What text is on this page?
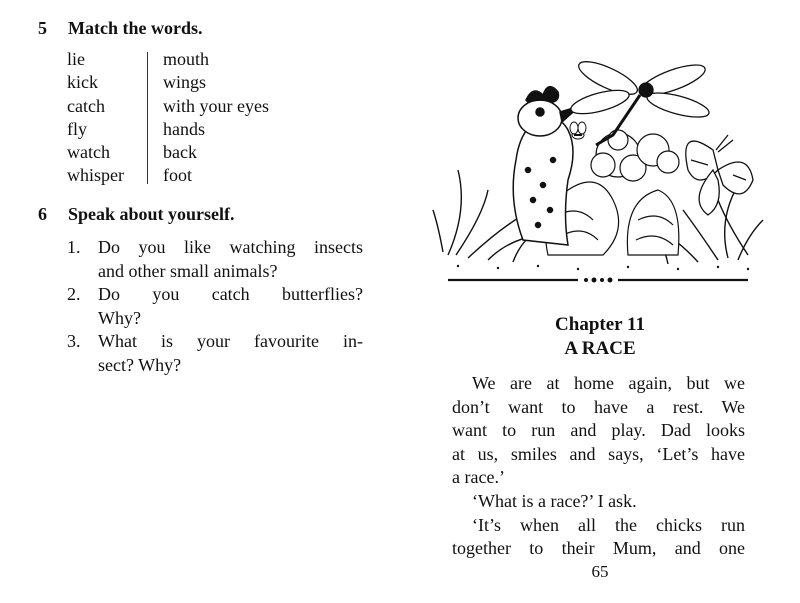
5 Match the words.
lie
kick
catch
fly
watch
whisper
mouth
wings
with your eyes
hands
back
foot
6 Speak about yourself.
1. Do you like watching insects
and other small animals?
2. Do you catch butterflies?
Why?
3. What is your favourite in-
sect? Why?
Chapter 11
A RACE
We are at home again, but we
don’t want to have a rest. We
want to run and play. Dad looks
at us, smiles and says, ‘Let’s have
a race.’
‘What is a race?’ I ask.
‘It’s when all the chicks run
together to their Mum, and one
65
